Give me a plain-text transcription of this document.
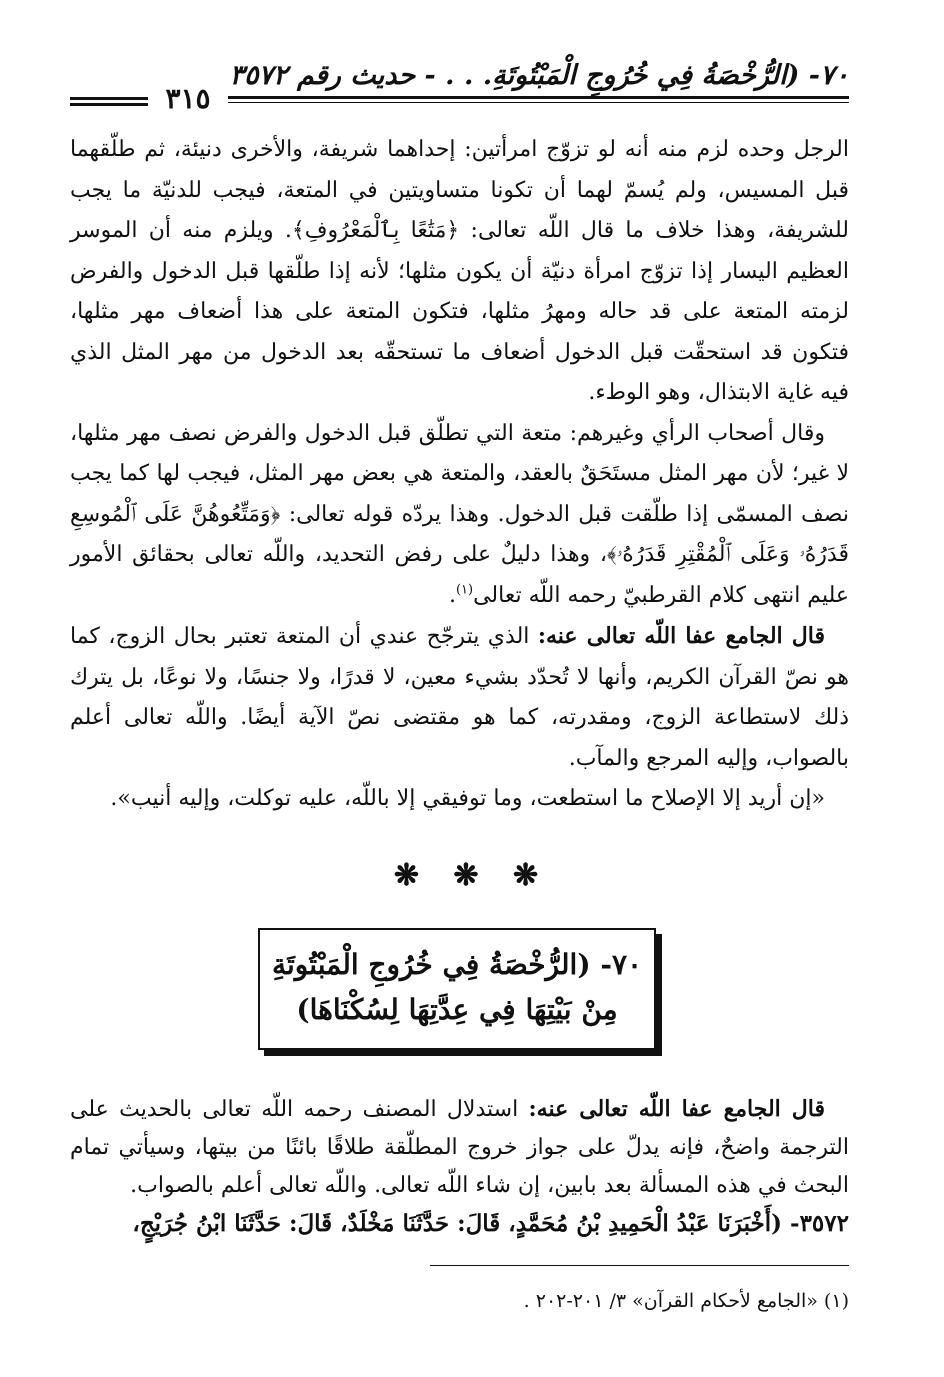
٧٠- (الرُّخْصَةُ فِي خُرُوجِ الْمَبْتُوتَةِ. . . - حديث رقم ٣٥٧٢
٣١٥

الرجل وحده لزم منه أنه لو تزوّج امرأتين: إحداهما شريفة، والأخرى دنيئة، ثم طلّقهما قبل المسيس، ولم يُسمّ لهما أن تكونا متساويتين في المتعة، فيجب للدنيّة ما يجب للشريفة، وهذا خلاف ما قال اللّه تعالى: ﴿مَتَٰعًا بِٱلْمَعْرُوفِ﴾. ويلزم منه أن الموسر العظيم اليسار إذا تزوّج امرأة دنيّة أن يكون مثلها؛ لأنه إذا طلّقها قبل الدخول والفرض لزمته المتعة على قد حاله ومهرُ مثلها، فتكون المتعة على هذا أضعاف مهر مثلها، فتكون قد استحقّت قبل الدخول أضعاف ما تستحقّه بعد الدخول من مهر المثل الذي فيه غاية الابتذال، وهو الوطء.

وقال أصحاب الرأي وغيرهم: متعة التي تطلّق قبل الدخول والفرض نصف مهر مثلها، لا غير؛ لأن مهر المثل مستَحَقٌ بالعقد، والمتعة هي بعض مهر المثل، فيجب لها كما يجب نصف المسمّى إذا طلّقت قبل الدخول. وهذا يردّه قوله تعالى: ﴿وَمَتِّعُوهُنَّ عَلَى ٱلْمُوسِعِ قَدَرُهُۥ وَعَلَى ٱلْمُقْتِرِ قَدَرُهُۥ﴾، وهذا دليلٌ على رفض التحديد، واللّه تعالى بحقائق الأمور عليم انتهى كلام القرطبيّ رحمه اللّه تعالى$^{(١)}$.

قال الجامع عفا اللّه تعالى عنه: الذي يترجّح عندي أن المتعة تعتبر بحال الزوج، كما هو نصّ القرآن الكريم، وأنها لا تُحدّد بشيء معين، لا قدرًا، ولا جنسًا، ولا نوعًا، بل يترك ذلك لاستطاعة الزوج، ومقدرته، كما هو مقتضى نصّ الآية أيضًا. واللّه تعالى أعلم بالصواب، وإليه المرجع والمآب.

«إن أريد إلا الإصلاح ما استطعت، وما توفيقي إلا باللّه، عليه توكلت، وإليه أنيب».

❋ ❋ ❋
٧٠- (الرُّخْصَةُ فِي خُرُوجِ الْمَبْتُوتَةِ
مِنْ بَيْتِهَا فِي عِدَّتِهَا لِسُكْنَاهَا)

قال الجامع عفا اللّه تعالى عنه: استدلال المصنف رحمه اللّه تعالى بالحديث على الترجمة واضحٌ، فإنه يدلّ على جواز خروج المطلّقة طلاقًا بائنًا من بيتها، وسيأتي تمام البحث في هذه المسألة بعد بابين، إن شاء اللّه تعالى. واللّه تعالى أعلم بالصواب.

٣٥٧٢- (أَخْبَرَنَا عَبْدُ الْحَمِيدِ بْنُ مُحَمَّدٍ، قَالَ: حَدَّثَنَا مَخْلَدٌ، قَالَ: حَدَّثَنَا ابْنُ جُرَيْجٍ،

(١) «الجامع لأحكام القرآن» ٣/ ٢٠١-٢٠٢ .
